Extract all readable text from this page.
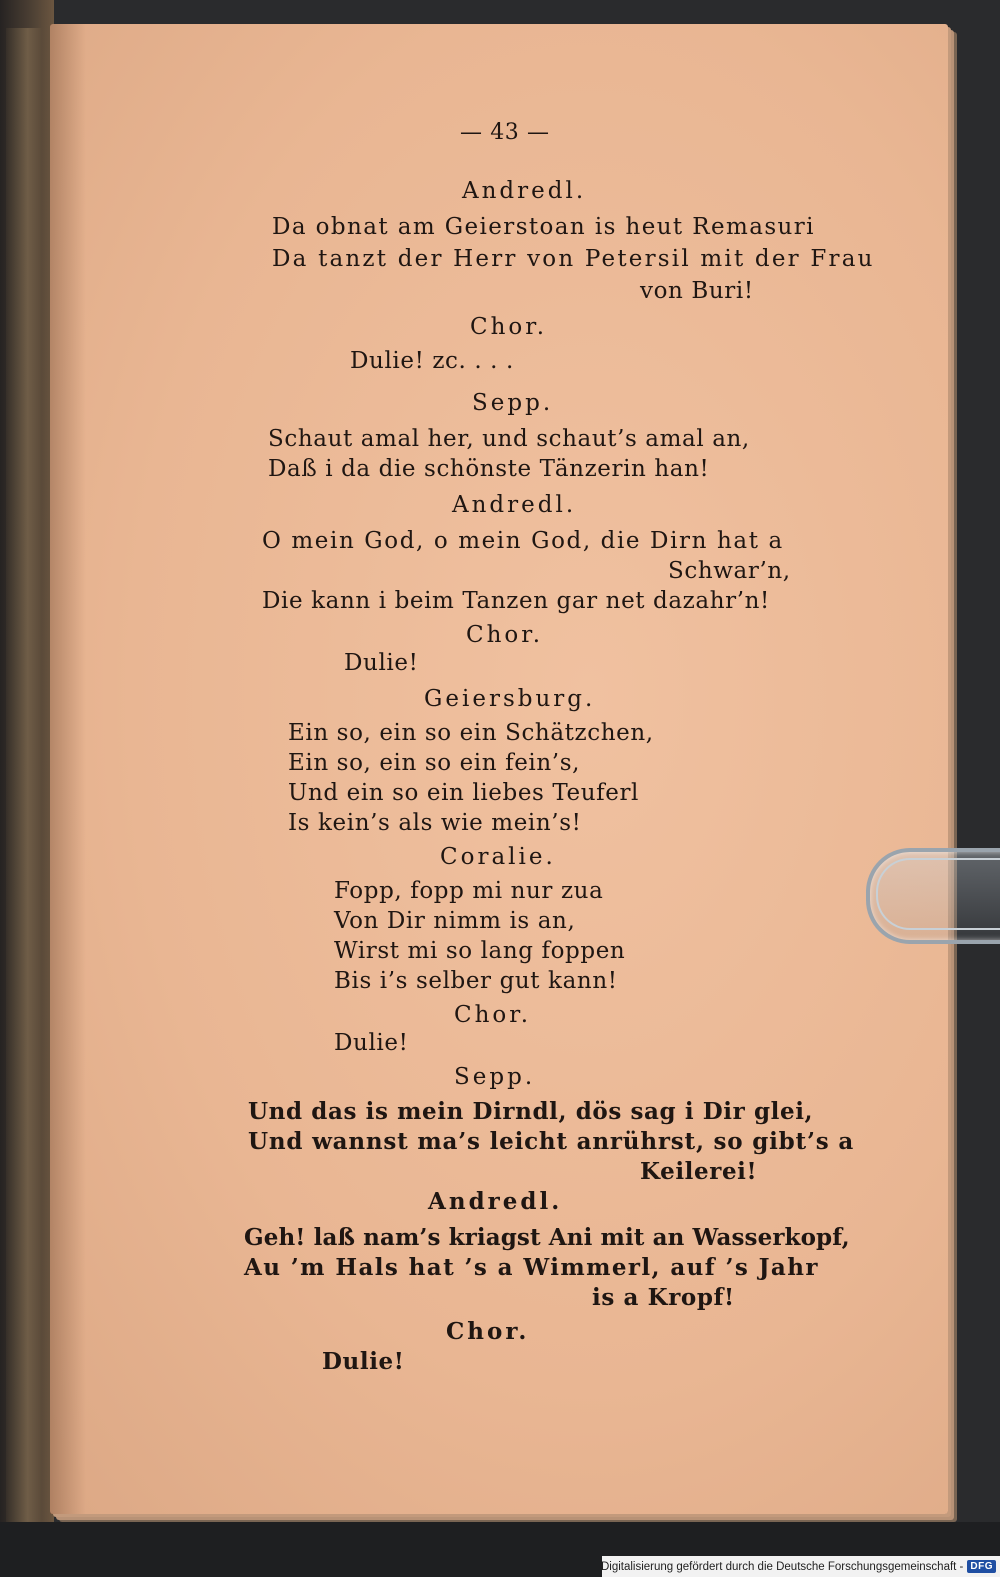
— 43 —
Andredl.
Da obnat am Geierstoan is heut Remasuri
Da tanzt der Herr von Petersil mit der Frau
von Buri!
Chor.
Dulie! zc. . . .
Sepp.
Schaut amal her, und schaut’s amal an,
Daß i da die schönste Tänzerin han!
Andredl.
O mein God, o mein God, die Dirn hat a
Schwar’n,
Die kann i beim Tanzen gar net dazahr’n!
Chor.
Dulie!
Geiersburg.
Ein so, ein so ein Schätzchen,
Ein so, ein so ein fein’s,
Und ein so ein liebes Teuferl
Is kein’s als wie mein’s!
Coralie.
Fopp, fopp mi nur zua
Von Dir nimm is an,
Wirst mi so lang foppen
Bis i’s selber gut kann!
Chor.
Dulie!
Sepp.
Und das is mein Dirndl, dös sag i Dir glei,
Und wannst ma’s leicht anrührst, so gibt’s a
Keilerei!
Andredl.
Geh! laß nam’s kriagst Ani mit an Wasserkopf,
Au ’m Hals hat ’s a Wimmerl, auf ’s Jahr
is a Kropf!
Chor.
Dulie!
Digitalisierung gefördert durch die Deutsche Forschungsgemeinschaft - DFG
